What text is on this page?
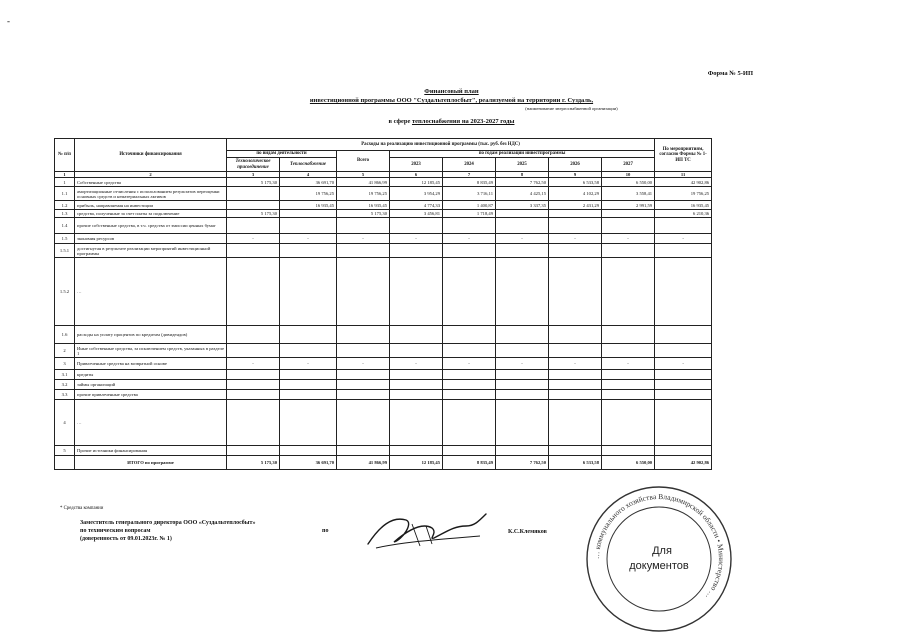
-
Форма № 5-ИП
Финансовый план
инвестиционной программы ООО "Суздальтеплосбыт", реализуемой на территории г. Суздаль,
(наименование энергоснабженной организации)
в сфере теплоснабжения на 2023-2027 годы
№ п/п	Источники финансирования	Расходы на реализацию инвестиционной программы (тыс. руб. без НДС)								По мероприятиям, согласно Формы № 1-ИП ТС
		по видам деятельности		Всего	по годам реализации инвестпрограммы					
		Технологическое присоединение	Теплоснабжение		2023	2024	2025	2026	2027	
1	2	3	4	5	6	7	8	9	10	11
1	Собственные средства	5 175,30	36 691,70	41 866,99	12 185,45	8 835,49	7 762,50	6 533,58	6 550,00	42 902,86
1.1	амортизационные отчисления с использованием результатов переоценки основных средств и нематериальных активов		19 756,25	19 756,25	3 954,29	3 716,11	4 425,15	4 102,29	3 558,41	19 756,25
1.2	прибыль, направляемая на инвестиции		16 935,45	16 935,45	4 774,33	1 400,87	3 337,35	2 431,29	2 991,59	16 935,45
1.3	средства, полученные за счет платы за подключение	5 175,30		5 175,30	3 456,81	1 718,49				6 210,36
1.4	прочие собственные средства, в т.ч. средства от эмиссии ценных бумаг									
1.5	экономия ресурсов	-	-	-	-	-	-	-	-	-
1.5.1	достигнутая в результате реализации мероприятий инвестиционной программы									
1.5.2	…									
1.6	расходы на уплату процентов по кредитам (дивидендов)									
2	Иные собственные средства, за исключением средств, указанных в разделе 1									
3	Привлеченные средства на возвратной основе	-	-	-	-	-	-	-	-	-
3.1	кредиты									
3.2	займы организаций									
3.3	прочие привлеченные средства									
4	…									
5	Прочие источники финансирования									
	ИТОГО по программе	5 175,30	36 691,70	41 866,99	12 185,45	8 835,49	7 762,50	6 533,58	6 550,00	42 902,86
* Средства компании
Заместитель генерального директора ООО «Суздальтеплосбыт»
по техническим вопросам
(доверенность от 09.01.2023г. № 1)
по	К.С.Клемяков
… коммунального хозяйства Владимирской области • Министерство …
Для
документов
